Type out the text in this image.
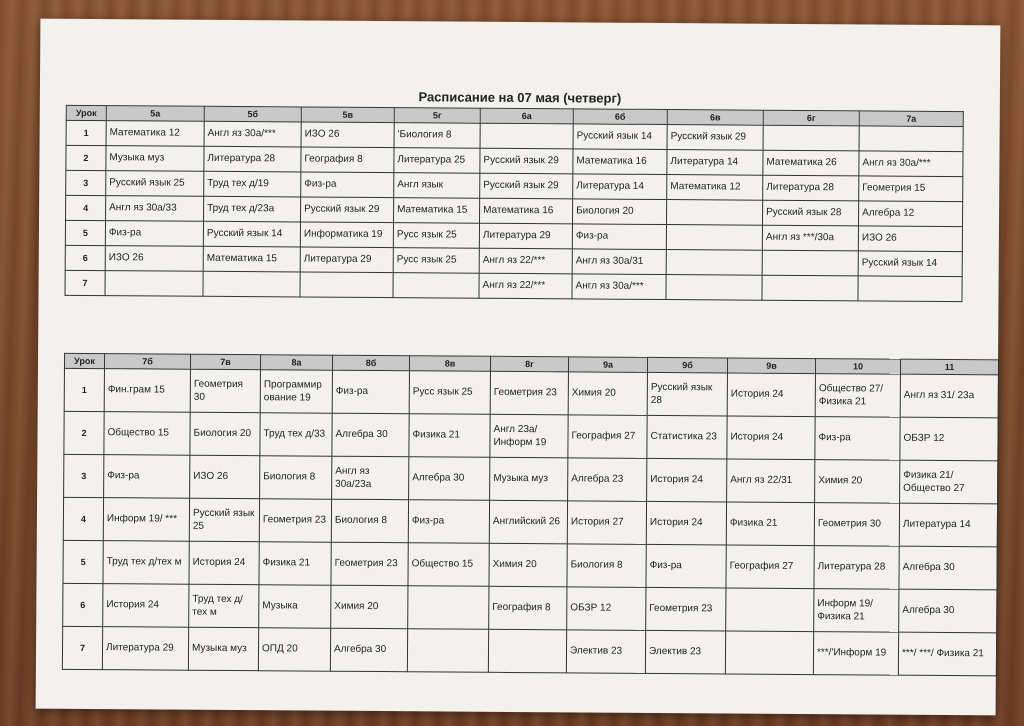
Расписание на 07 мая (четверг)
Урок	5а	5б	5в	5г	6а	6б	6в	6г	7а
1	Математика 12	Англ яз 30а/***	ИЗО 26	'Биология 8		Русский язык 14	Русский язык 29		
2	Музыка муз	Литература 28	География 8	Литература 25	Русский язык 29	Математика 16	Литература 14	Математика 26	Англ яз 30а/***
3	Русский язык 25	Труд тех д/19	Физ-ра	Англ язык	Русский язык 29	Литература 14	Математика 12	Литература 28	Геометрия 15
4	Англ яз 30а/33	Труд тех д/23а	Русский язык 29	Математика 15	Математика 16	Биология 20		Русский язык 28	Алгебра 12
5	Физ-ра	Русский язык 14	Информатика 19	Русс язык 25	Литература 29	Физ-ра		Англ яз ***/30а	ИЗО 26
6	ИЗО 26	Математика 15	Литература 29	Русс язык 25	Англ яз 22/***	Англ яз 30а/31			Русский язык 14
7					Англ яз 22/***	Англ яз 30а/***			
Урок	7б	7в	8а	8б	8в	8г	9а	9б	9в	10	11
1	Фин.грам 15	Геометрия 30	Программир ование 19	Физ-ра	Русс язык 25	Геометрия 23	Химия 20	Русский язык 28	История 24	Общество 27/ Физика 21	Англ яз 31/ 23а
2	Общество 15	Биология 20	Труд тех д/33	Алгебра 30	Физика 21	Англ 23а/ Информ 19	География 27	Статистика 23	История 24	Физ-ра	ОБЗР 12
3	Физ-ра	ИЗО 26	Биология 8	Англ яз 30а/23а	Алгебра 30	Музыка муз	Алгебра 23	История 24	Англ яз 22/31	Химия 20	Физика 21/ Общество 27
4	Информ 19/ ***	Русский язык 25	Геометрия 23	Биология 8	Физ-ра	Английский 26	История 27	История 24	Физика 21	Геометрия 30	Литература 14
5	Труд тех д/тех м	История 24	Физика 21	Геометрия 23	Общество 15	Химия 20	Биология 8	Физ-ра	География 27	Литература 28	Алгебра 30
6	История 24	Труд тех д/тех м	Музыка	Химия 20		География 8	ОБЗР 12	Геометрия 23		Информ 19/ Физика 21	Алгебра 30
7	Литература 29	Музыка муз	ОПД 20	Алгебра 30			Электив 23	Электив 23		***/'Информ 19	***/ ***/ Физика 21
